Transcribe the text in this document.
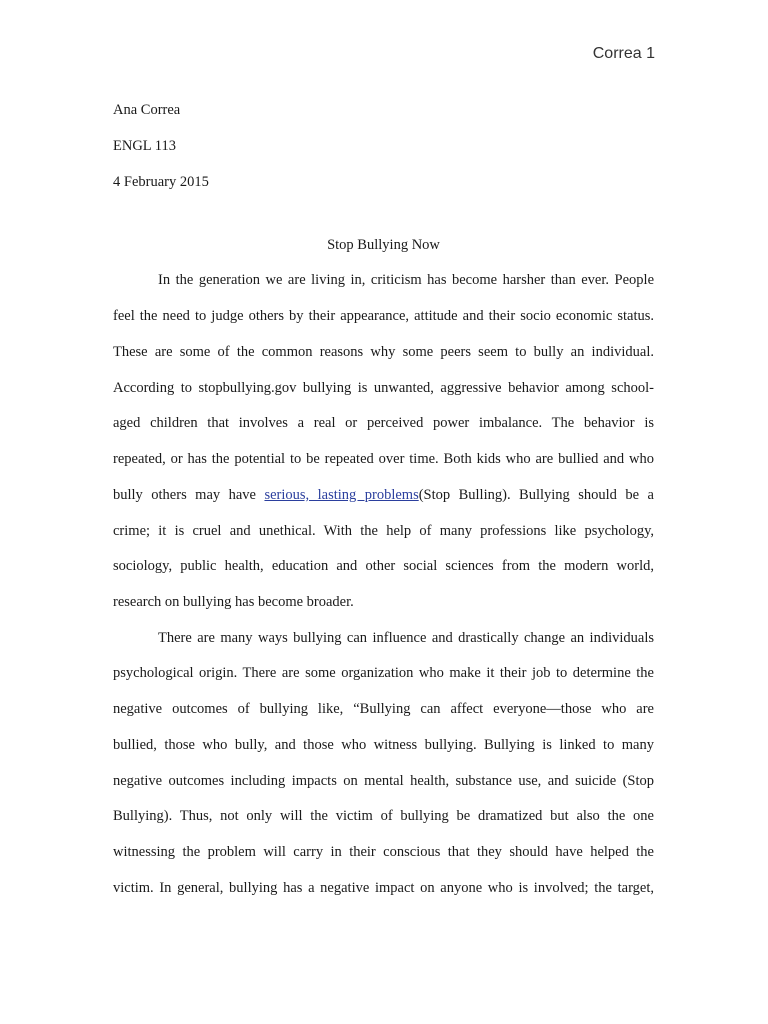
Correa 1
Ana Correa
ENGL 113
4 February 2015
Stop Bullying Now
In the generation we are living in, criticism has become harsher than ever. People
feel the need to judge others by their appearance, attitude and their socio economic status.
These are some of the common reasons why some peers seem to bully an individual.
According to stopbullying.gov bullying is unwanted, aggressive behavior among school-
aged children that involves a real or perceived power imbalance. The behavior is
repeated, or has the potential to be repeated over time. Both kids who are bullied and who
bully others may have serious, lasting problems(Stop Bulling). Bullying should be a
crime; it is cruel and unethical. With the help of many professions like psychology,
sociology, public health, education and other social sciences from the modern world,
research on bullying has become broader.
There are many ways bullying can influence and drastically change an individuals
psychological origin. There are some organization who make it their job to determine the
negative outcomes of bullying like, “Bullying can affect everyone—those who are
bullied, those who bully, and those who witness bullying. Bullying is linked to many
negative outcomes including impacts on mental health, substance use, and suicide (Stop
Bullying). Thus, not only will the victim of bullying be dramatized but also the one
witnessing the problem will carry in their conscious that they should have helped the
victim. In general, bullying has a negative impact on anyone who is involved; the target,
